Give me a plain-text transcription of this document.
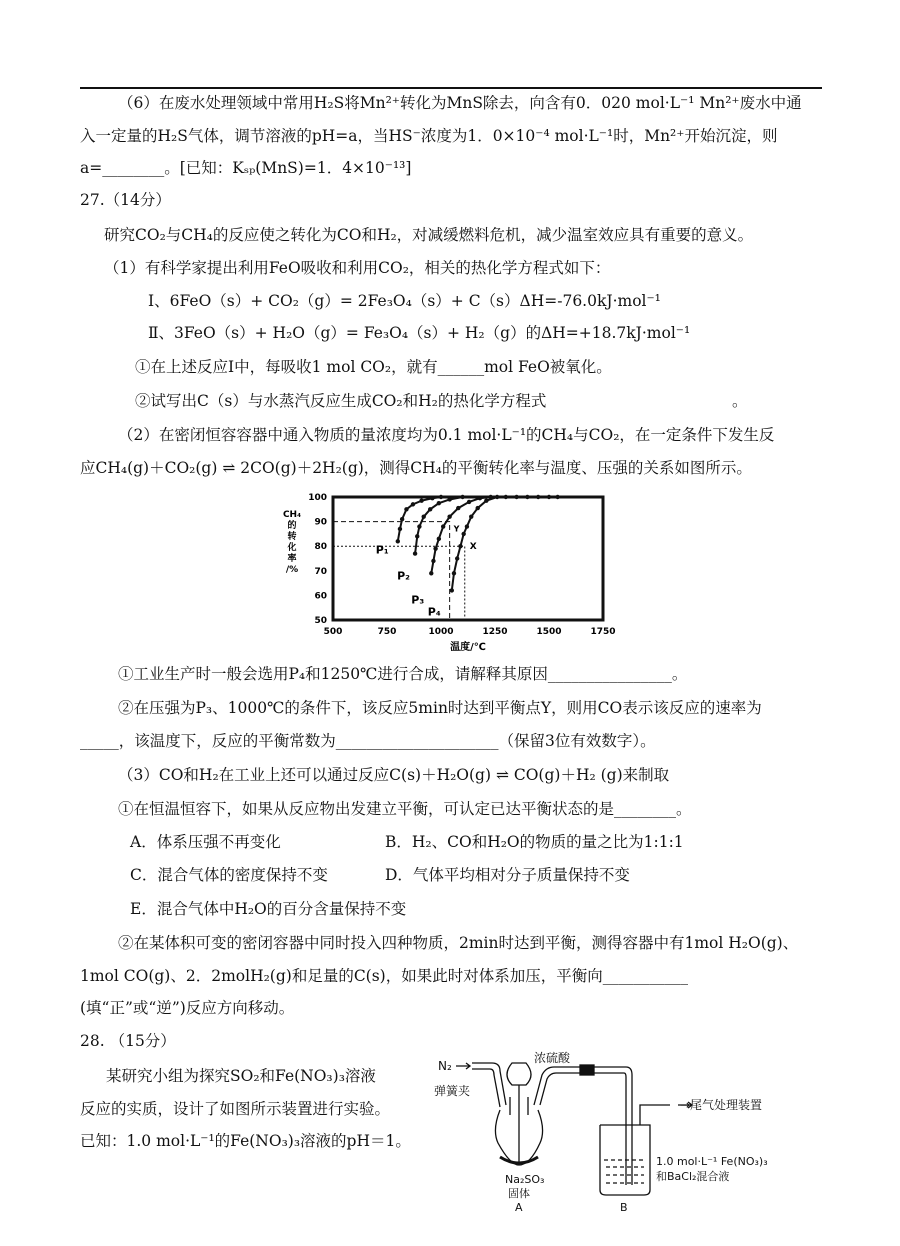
（6）在废水处理领域中常用H₂S将Mn²⁺转化为MnS除去，向含有0．020 mol·L⁻¹ Mn²⁺废水中通
入一定量的H₂S气体，调节溶液的pH=a，当HS⁻浓度为1．0×10⁻⁴ mol·L⁻¹时，Mn²⁺开始沉淀，则
a=________。[已知：Kₛₚ(MnS)=1．4×10⁻¹³]
27.（14分）
研究CO₂与CH₄的反应使之转化为CO和H₂，对减缓燃料危机，减少温室效应具有重要的意义。
（1）有科学家提出利用FeO吸收和利用CO₂，相关的热化学方程式如下：
Ⅰ、6FeO（s）+ CO₂（g）= 2Fe₃O₄（s）+ C（s）ΔH=-76.0kJ·mol⁻¹
Ⅱ、3FeO（s）+ H₂O（g）= Fe₃O₄（s）+ H₂（g）的ΔH=+18.7kJ·mol⁻¹
①在上述反应Ⅰ中，每吸收1 mol CO₂，就有______mol FeO被氧化。
②试写出C（s）与水蒸汽反应生成CO₂和H₂的热化学方程式	。
（2）在密闭恒容容器中通入物质的量浓度均为0.1 mol·L⁻¹的CH₄与CO₂，在一定条件下发生反
应CH₄(g)＋CO₂(g) ⇌ 2CO(g)＋2H₂(g)，测得CH₄的平衡转化率与温度、压强的关系如图所示。
500	750	1000	1250	1500	1750
50
60
70
80
90
100
温度/℃
CH₄
的
转
化
率
/%
P₁
P₂
P₃
P₄
Y
X
①工业生产时一般会选用P₄和1250℃进行合成，请解释其原因________________。
②在压强为P₃、1000℃的条件下，该反应5min时达到平衡点Y，则用CO表示该反应的速率为
_____，该温度下，反应的平衡常数为_____________________（保留3位有效数字）。
（3）CO和H₂在工业上还可以通过反应C(s)＋H₂O(g) ⇌ CO(g)＋H₂ (g)来制取
①在恒温恒容下，如果从反应物出发建立平衡，可认定已达平衡状态的是________。
A．体系压强不再变化	B．H₂、CO和H₂O的物质的量之比为1:1:1
C．混合气体的密度保持不变	D．气体平均相对分子质量保持不变
E．混合气体中H₂O的百分含量保持不变
②在某体积可变的密闭容器中同时投入四种物质，2min时达到平衡，测得容器中有1mol H₂O(g)、
1mol CO(g)、2．2molH₂(g)和足量的C(s)，如果此时对体系加压，平衡向___________
(填“正”或“逆”)反应方向移动。
28. （15分）
某研究小组为探究SO₂和Fe(NO₃)₃溶液
反应的实质，设计了如图所示装置进行实验。
已知：1.0 mol·L⁻¹的Fe(NO₃)₃溶液的pH＝1。
N₂
弹簧夹
浓硫酸
Na₂SO₃
固体
A
→尾气处理装置
1.0 mol·L⁻¹ Fe(NO₃)₃
和BaCl₂混合液
B
